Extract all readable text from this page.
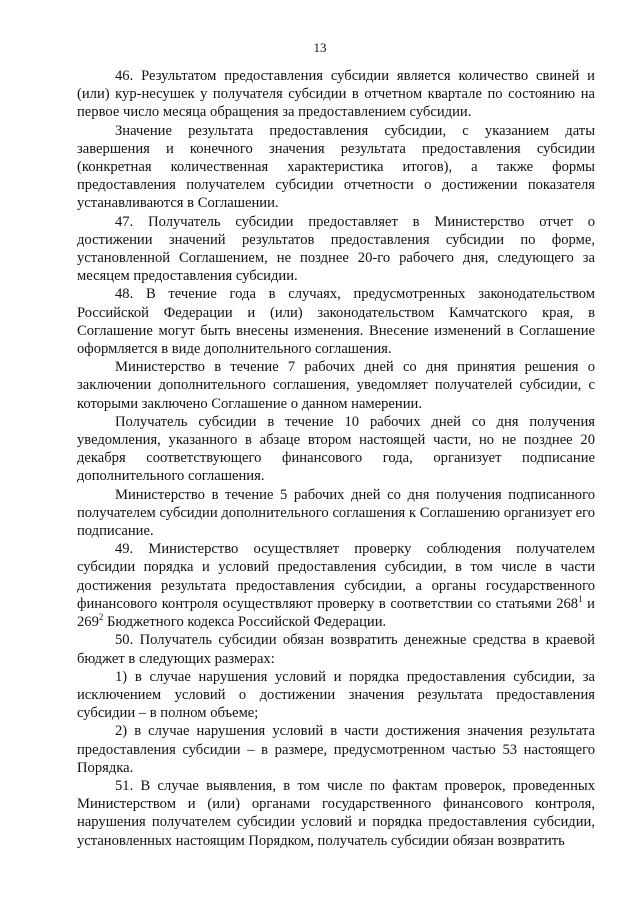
13

46. Результатом предоставления субсидии является количество свиней и (или) кур-несушек у получателя субсидии в отчетном квартале по состоянию на первое число месяца обращения за предоставлением субсидии.

Значение результата предоставления субсидии, с указанием даты завершения и конечного значения результата предоставления субсидии (конкретная количественная характеристика итогов), а также формы предоставления получателем субсидии отчетности о достижении показателя устанавливаются в Соглашении.

47. Получатель субсидии предоставляет в Министерство отчет о достижении значений результатов предоставления субсидии по форме, установленной Соглашением, не позднее 20-го рабочего дня, следующего за месяцем предоставления субсидии.

48. В течение года в случаях, предусмотренных законодательством Российской Федерации и (или) законодательством Камчатского края, в Соглашение могут быть внесены изменения. Внесение изменений в Соглашение оформляется в виде дополнительного соглашения.

Министерство в течение 7 рабочих дней со дня принятия решения о заключении дополнительного соглашения, уведомляет получателей субсидии, с которыми заключено Соглашение о данном намерении.

Получатель субсидии в течение 10 рабочих дней со дня получения уведомления, указанного в абзаце втором настоящей части, но не позднее 20 декабря соответствующего финансового года, организует подписание дополнительного соглашения.

Министерство в течение 5 рабочих дней со дня получения подписанного получателем субсидии дополнительного соглашения к Соглашению организует его подписание.

49. Министерство осуществляет проверку соблюдения получателем субсидии порядка и условий предоставления субсидии, в том числе в части достижения результата предоставления субсидии, а органы государственного финансового контроля осуществляют проверку в соответствии со статьями $268^1$ и $269^2$ Бюджетного кодекса Российской Федерации.

50. Получатель субсидии обязан возвратить денежные средства в краевой бюджет в следующих размерах:

1) в случае нарушения условий и порядка предоставления субсидии, за исключением условий о достижении значения результата предоставления субсидии – в полном объеме;

2) в случае нарушения условий в части достижения значения результата предоставления субсидии – в размере, предусмотренном частью 53 настоящего Порядка.

51. В случае выявления, в том числе по фактам проверок, проведенных Министерством и (или) органами государственного финансового контроля, нарушения получателем субсидии условий и порядка предоставления субсидии, установленных настоящим Порядком, получатель субсидии обязан возвратить
